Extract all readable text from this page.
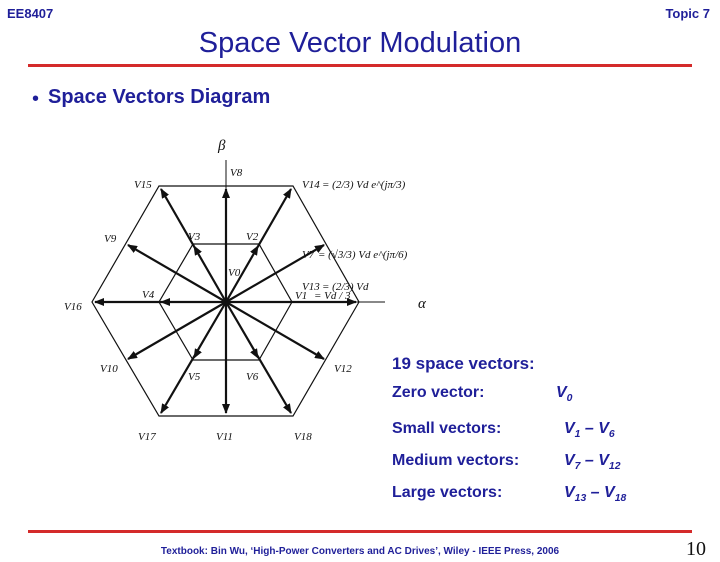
EE8407	Topic 7
Space Vector Modulation
• Space Vectors Diagram
β
α
V0
V1
V2
V3
V4
V5	V6
V7
V8
V9
V10
V11
V12
V13
V14
V15
V16
V17	V18
= Vd / 3
= (2/3) Vd
= (√3/3) Vd e^(jπ/6)
= (2/3) Vd e^(jπ/3)
19 space vectors:
Zero vector:	$V_0$
Small vectors:	$V_1 - V_6$
Medium vectors:	$V_7 - V_{12}$
Large vectors:	$V_{13} - V_{18}$
Textbook: Bin Wu, ‘High-Power Converters and AC Drives’, Wiley - IEEE Press, 2006	10
